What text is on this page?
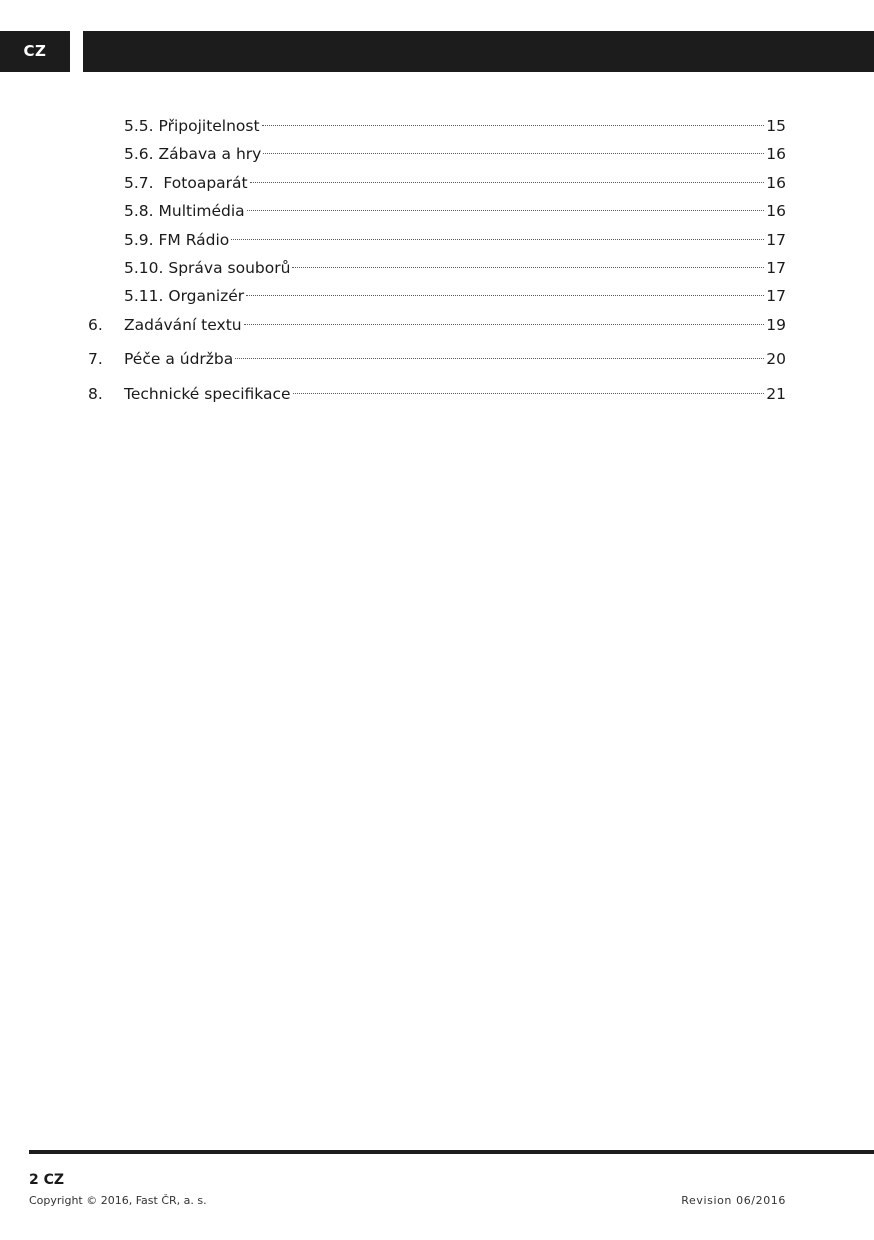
CZ
5.5. Připojitelnost	15
5.6. Zábava a hry	16
5.7.  Fotoaparát	16
5.8. Multimédia	16
5.9. FM Rádio	17
5.10. Správa souborů	17
5.11. Organizér	17
6. Zadávání textu	19
7. Péče a údržba	20
8. Technické specifikace	21
2 CZ
Copyright © 2016, Fast ČR, a. s.	Revision 06/2016
